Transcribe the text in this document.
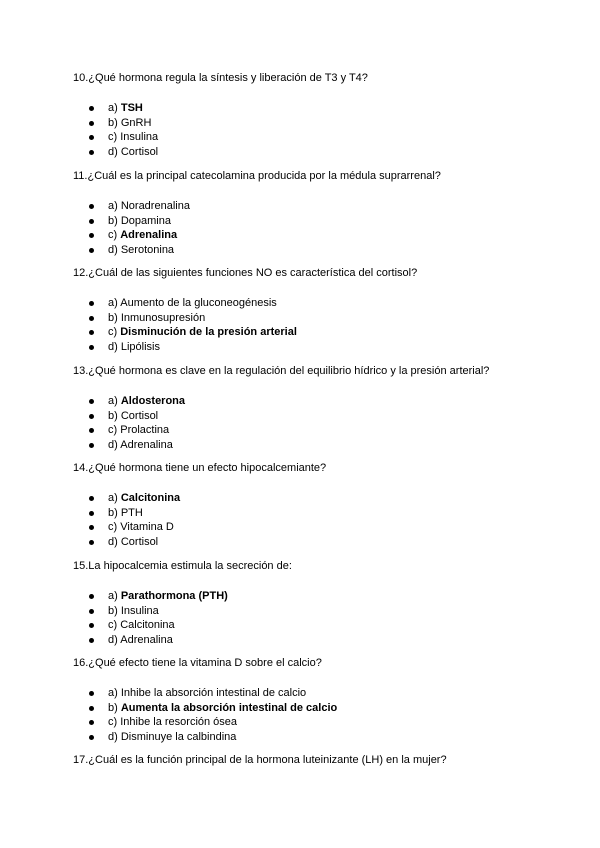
10.¿Qué hormona regula la síntesis y liberación de T3 y T4?

a) TSH
b) GnRH
c) Insulina
d) Cortisol

11.¿Cuál es la principal catecolamina producida por la médula suprarrenal?

a) Noradrenalina
b) Dopamina
c) Adrenalina
d) Serotonina

12.¿Cuál de las siguientes funciones NO es característica del cortisol?

a) Aumento de la gluconeogénesis
b) Inmunosupresión
c) Disminución de la presión arterial
d) Lipólisis

13.¿Qué hormona es clave en la regulación del equilibrio hídrico y la presión arterial?

a) Aldosterona
b) Cortisol
c) Prolactina
d) Adrenalina

14.¿Qué hormona tiene un efecto hipocalcemiante?

a) Calcitonina
b) PTH
c) Vitamina D
d) Cortisol

15.La hipocalcemia estimula la secreción de:

a) Parathormona (PTH)
b) Insulina
c) Calcitonina
d) Adrenalina

16.¿Qué efecto tiene la vitamina D sobre el calcio?

a) Inhibe la absorción intestinal de calcio
b) Aumenta la absorción intestinal de calcio
c) Inhibe la resorción ósea
d) Disminuye la calbindina

17.¿Cuál es la función principal de la hormona luteinizante (LH) en la mujer?
